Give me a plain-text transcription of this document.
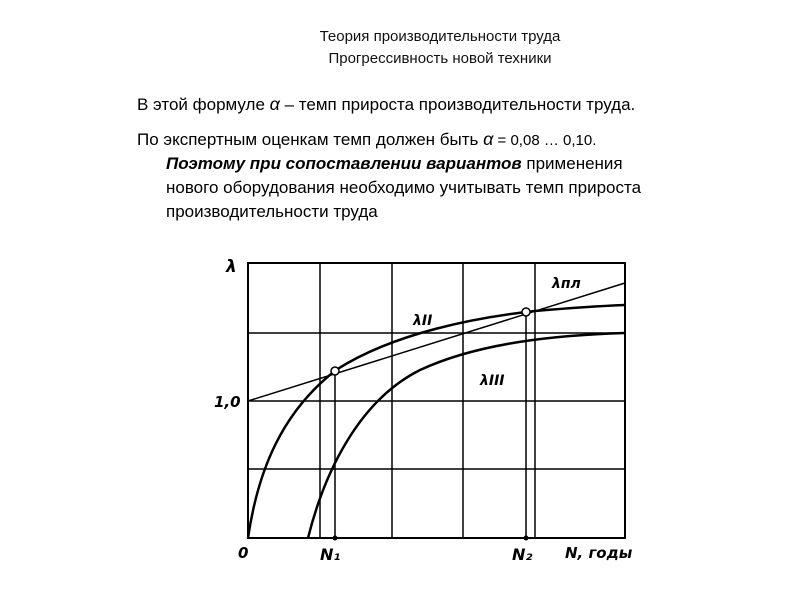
Теория производительности труда
Прогрессивность новой техники
В этой формуле α – темп прироста производительности труда.
По экспертным оценкам темп должен быть α = 0,08 … 0,10.
Поэтому при сопоставлении вариантов применения
нового оборудования необходимо учитывать темп прироста
производительности труда
λ
1,0
0	N₁	N₂ N, годы
λпл
λII
λIII
